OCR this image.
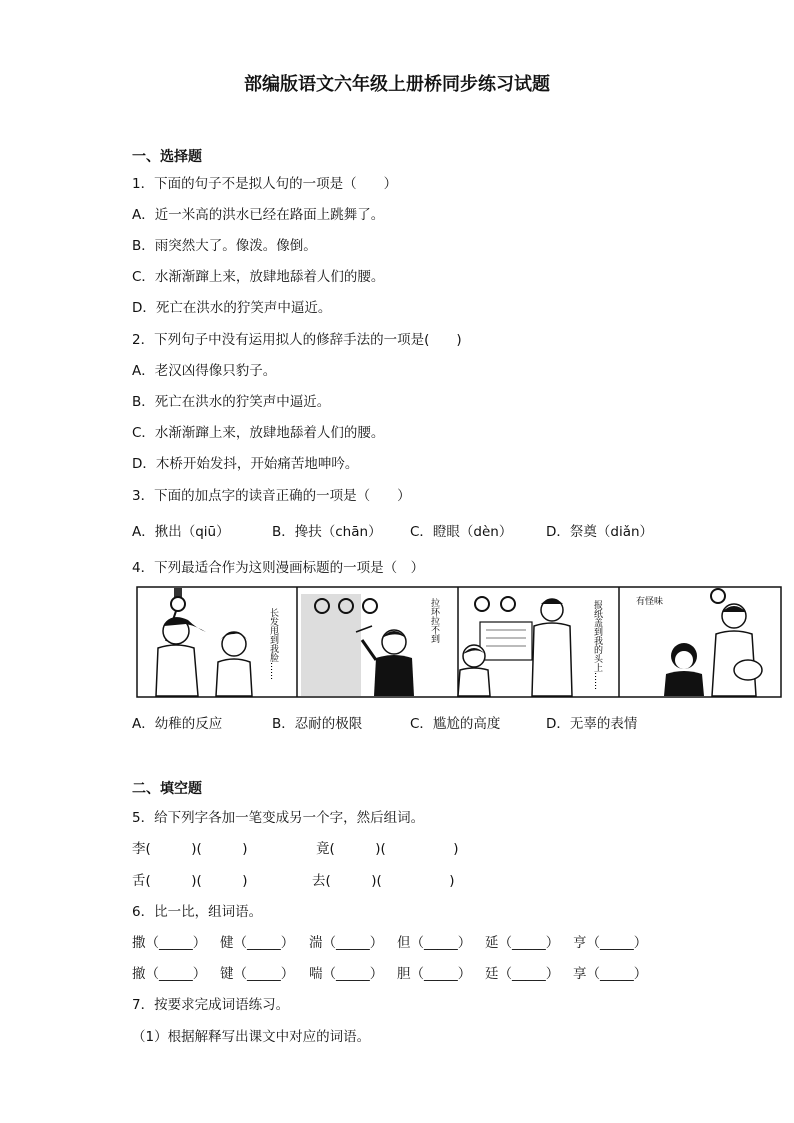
部编版语文六年级上册桥同步练习试题
一、选择题
1．下面的句子不是拟人句的一项是（　　）
A．近一米高的洪水已经在路面上跳舞了。
B．雨突然大了。像泼。像倒。
C．水渐渐蹿上来，放肆地舔着人们的腰。
D．死亡在洪水的狞笑声中逼近。
2．下列句子中没有运用拟人的修辞手法的一项是(　　)
A．老汉凶得像只豹子。
B．死亡在洪水的狞笑声中逼近。
C．水渐渐蹿上来，放肆地舔着人们的腰。
D．木桥开始发抖，开始痛苦地呻吟。
3．下面的加点字的读音正确的一项是（　　）
A．揪出（qiū）	B．搀扶（chān） C．瞪眼（dèn） D．祭奠（diǎn）
4．下列最适合作为这则漫画标题的一项是（　）
长发甩到我脸……	拉环拉不到	报纸盖到我的头上……	有怪味
A．幼稚的反应	B．忍耐的极限	C．尴尬的高度	D．无辜的表情
二、填空题
5．给下列字各加一笔变成另一个字，然后组词。
李(　　　)(　　　)	竟(　　　)(　　　　　)
舌(　　　)(　　　)	去(　　　)(　　　　　)
6．比一比，组词语。
撒（_____） 健（_____） 湍（_____） 但（_____） 延（_____） 亨（_____）
撤（_____） 键（_____） 喘（_____） 胆（_____） 廷（_____） 享（_____）
7．按要求完成词语练习。
（1）根据解释写出课文中对应的词语。
